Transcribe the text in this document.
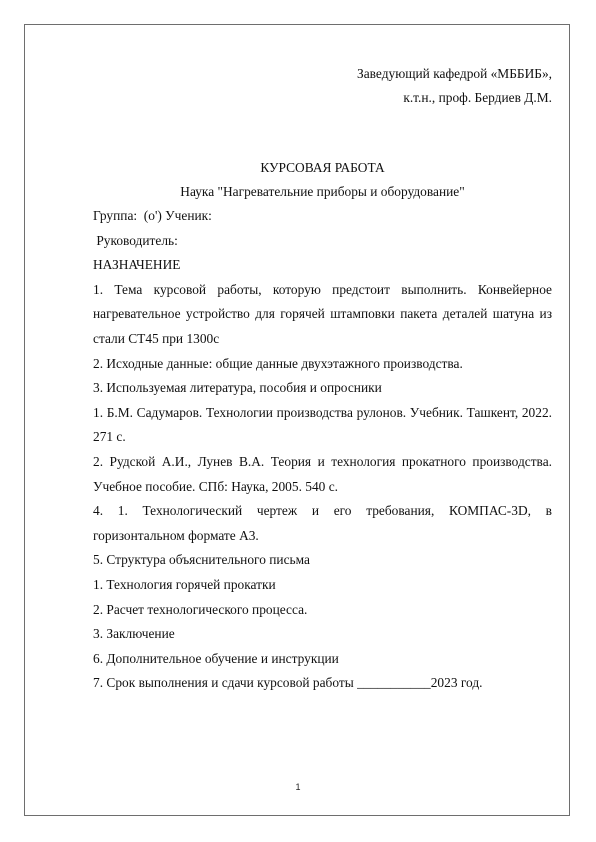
Заведующий кафедрой «МББИБ»,

к.т.н., проф. Бердиев Д.М.

КУРСОВАЯ РАБОТА

Наука "Нагревательние приборы и оборудование"

Группа:  (о') Ученик:

Руководитель:

НАЗНАЧЕНИЕ

1. Тема курсовой работы, которую предстоит выполнить. Конвейерное нагревательное устройство для горячей штамповки пакета деталей шатуна из стали СТ45 при 1300с

2. Исходные данные: общие данные двухэтажного производства.

3. Используемая литература, пособия и опросники

1. Б.М. Садумаров. Технологии производства рулонов. Учебник. Ташкент, 2022. 271 с.

2. Рудской А.И., Лунев В.А. Теория и технология прокатного производства. Учебное пособие. СПб: Наука, 2005. 540 с.

4. 1. Технологический чертеж и его требования, КОМПАС-3D, в горизонтальном формате А3.

5. Структура объяснительного письма

1. Технология горячей прокатки

2. Расчет технологического процесса.

3. Заключение

6. Дополнительное обучение и инструкции

7. Срок выполнения и сдачи курсовой работы ___________2023 год.

1
